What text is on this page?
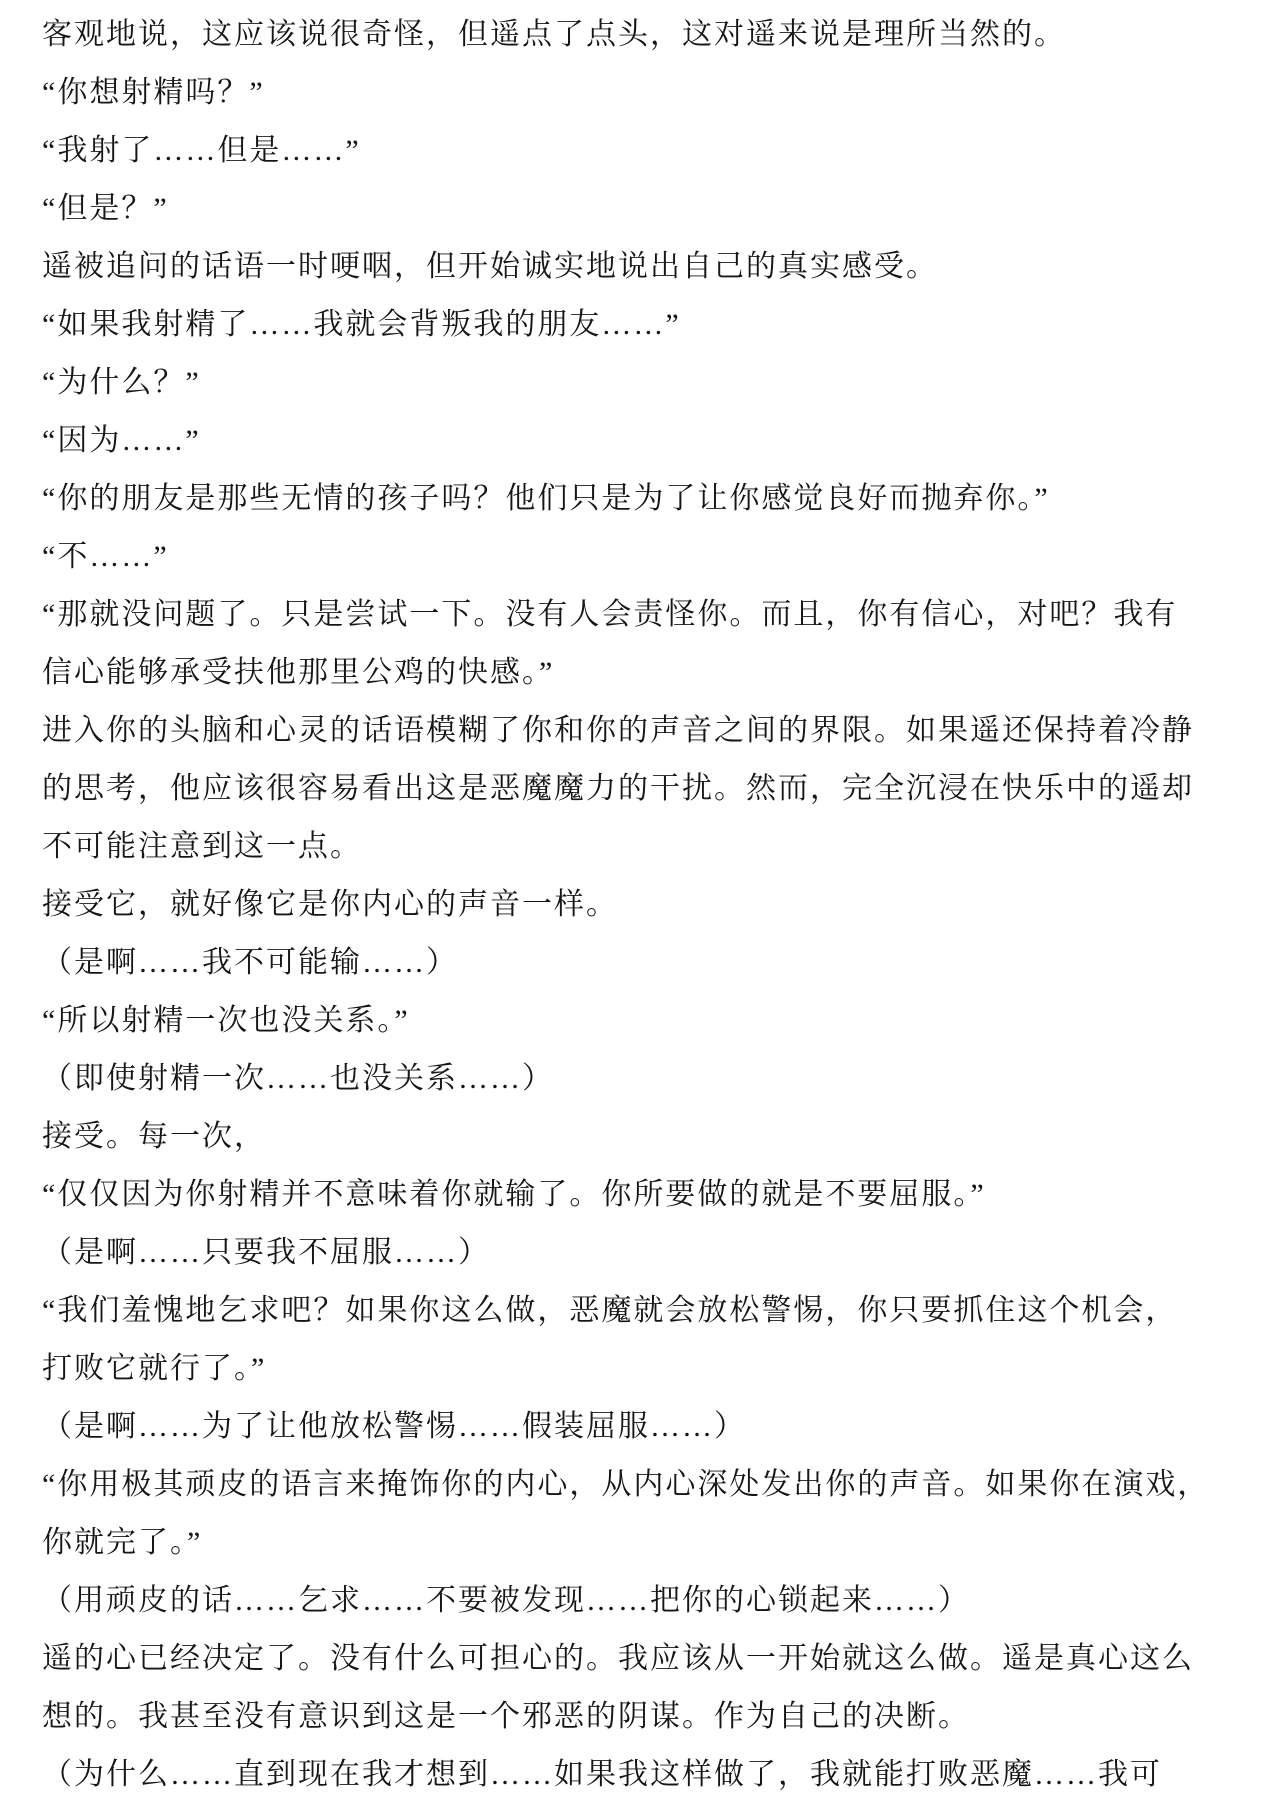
客观地说，这应该说很奇怪，但遥点了点头，这对遥来说是理所当然的。

“你想射精吗？”

“我射了……但是……”

“但是？”

遥被追问的话语一时哽咽，但开始诚实地说出自己的真实感受。

“如果我射精了……我就会背叛我的朋友……”

“为什么？”

“因为……”

“你的朋友是那些无情的孩子吗？他们只是为了让你感觉良好而抛弃你。”

“不……”

“那就没问题了。只是尝试一下。没有人会责怪你。而且，你有信心，对吧？我有

信心能够承受扶他那里公鸡的快感。”

进入你的头脑和心灵的话语模糊了你和你的声音之间的界限。如果遥还保持着冷静

的思考，他应该很容易看出这是恶魔魔力的干扰。然而，完全沉浸在快乐中的遥却

不可能注意到这一点。

接受它，就好像它是你内心的声音一样。

（是啊……我不可能输……）

“所以射精一次也没关系。”

（即使射精一次……也没关系……）

接受。每一次，

“仅仅因为你射精并不意味着你就输了。你所要做的就是不要屈服。”

（是啊……只要我不屈服……）

“我们羞愧地乞求吧？如果你这么做，恶魔就会放松警惕，你只要抓住这个机会，

打败它就行了。”

（是啊……为了让他放松警惕……假装屈服……）

“你用极其顽皮的语言来掩饰你的内心，从内心深处发出你的声音。如果你在演戏，

你就完了。”

（用顽皮的话……乞求……不要被发现……把你的心锁起来……）

遥的心已经决定了。没有什么可担心的。我应该从一开始就这么做。遥是真心这么

想的。我甚至没有意识到这是一个邪恶的阴谋。作为自己的决断。

（为什么……直到现在我才想到……如果我这样做了，我就能打败恶魔……我可
